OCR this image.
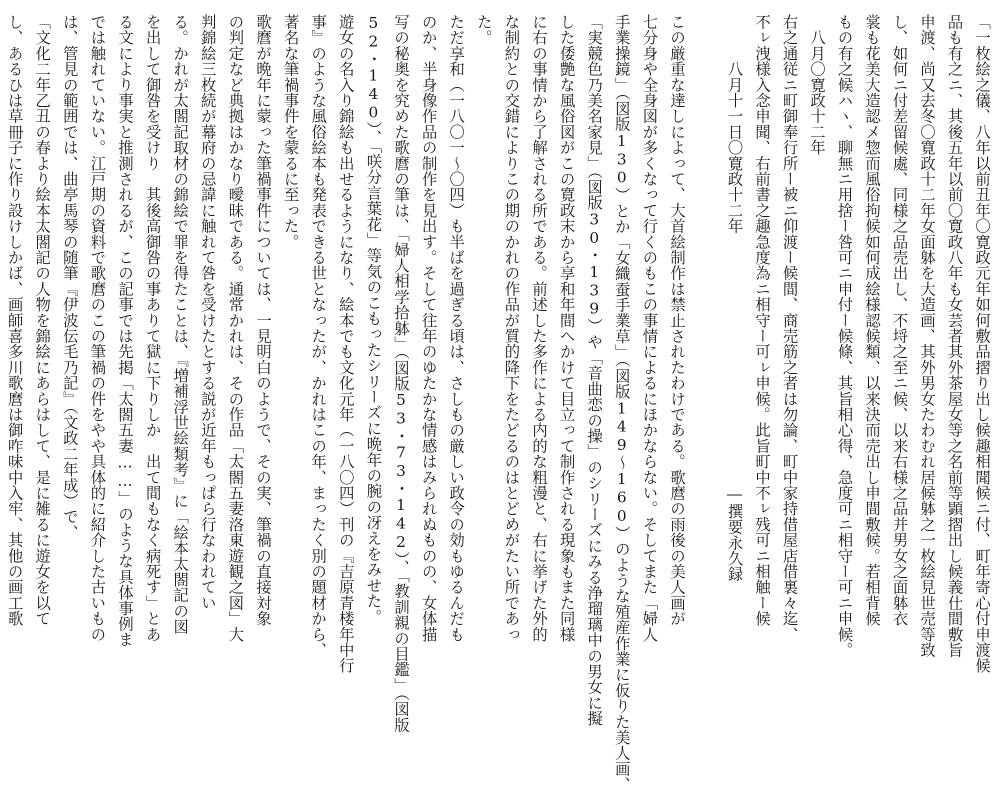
「一枚絵之儀、八年以前丑年〇寛政元年如何敷品摺り出し候趣相聞候ニ付、町年寄心付申渡候
品も有之ニ、其後五年以前〇寛政八年も女芸者其外茶屋女等之名前等顕摺出し候義仕間敷旨
申渡、尚又去冬〇寛政十二年女面躰を大造画、其外男女たわむれ居候躰之一枚絵見世売等致
し、如何ニ付差留候處、同様之品売出し、不埒之至ニ候、以来右様之品并男女之面躰衣
裳も花美大造認メ惣而風俗拘候如何成絵様認候類、以来決而売出し申間敷候。若相背候
もの有之候ハヽ、聊無ニ用捨ー咎可ニ申付ー候條、其旨相心得、急度可ニ相守ー可ニ申候。
　八月〇寛政十二年
右之通従ニ町御奉行所ー被ニ仰渡ー候間、商売筋之者は勿論、町中家持借屋店借裏々迄、
不ㇾ洩様入念申聞、右前書之趣急度為ニ相守ー可ㇾ申候。此旨町中不ㇾ残可ニ相触ー候
　　　八月十一日〇寛政十二年　　　　　　　　　　　　　　　　―撰要永久録
この厳重な達しによって、大首絵制作は禁止されたわけである。歌麿の雨後の美人画が
七分身や全身図が多くなって行くのもこの事情によるにほかならない。そしてまた「婦人
手業操鏡」（図版130）とか「女織蚕手業草」（図版149～160）のような殖産作業に仮りた美人画、
「実競色乃美名家見」（図版30・139）や「音曲恋の操」のシリーズにみる浄瑠璃中の男女に擬
した倭艶な風俗図がこの寛政末から享和年間へかけて目立って制作される現象もまた同様
に右の事情から了解される所である。前述した多作による内的な粗漫と、右に挙げた外的
な制約との交錯によりこの期のかれの作品が質的降下をたどるのはとどめがたい所であっ
た。
ただ享和（一八〇一～〇四）も半ばを過ぎる頃は、さしもの厳しい政令の効もゆるんだも
のか、半身像作品の制作を見出す。そして往年のゆたかな情感はみられぬものの、女体描
写の秘奥を究めた歌麿の筆は、「婦人相学拾躰」（図版53・73・142）、「教訓親の目鑑」（図版
52・140）、「咲分言葉花」等気のこもったシリーズに晩年の腕の冴えをみせた。
遊女の名入り錦絵も出せるようになり、絵本でも文化元年（一八〇四）刊の『吉原青楼年中行
事』のような風俗絵本も発表できる世となったが、かれはこの年、まったく別の題材から、
著名な筆禍事件を蒙るに至った。
歌麿が晩年に蒙った筆禍事件については、一見明白のようで、その実、筆禍の直接対象
の判定など典拠はかなり曖昧である。通常かれは、その作品「太閤五妻洛東遊観之図」大
判錦絵三枚続が幕府の忌諱に触れて咎を受けたとする説が近年もっぱら行なわれてい
る。かれが太閤記取材の錦絵で罪を得たことは、『増補浮世絵類考』に「絵本太閤記の図
を出して御咎を受けり　其後高御咎の事ありて獄に下りしか　出て間もなく病死す」とあ
る文により事実と推測されるが、この記事では先掲「太閤五妻……」のような具体事例ま
では触れていない。江戸期の資料で歌麿のこの筆禍の件をやや具体的に紹介した古いもの
は、管見の範囲では、曲亭馬琴の随筆『伊波伝毛乃記』（文政二年成）で、
「文化二年乙丑の春より絵本太閤記の人物を錦絵にあらはして、是に雑るに遊女を以て
し、あるひは草冊子に作り設けしかば、画師喜多川歌麿は御咋味中入牢、其他の画工歌
